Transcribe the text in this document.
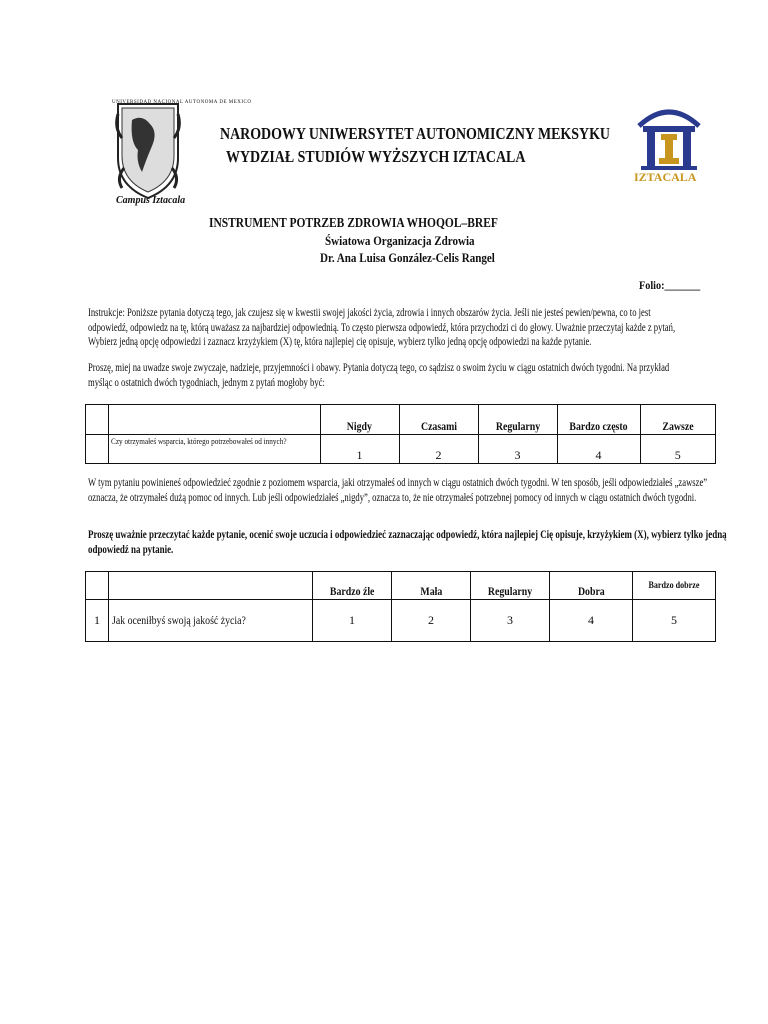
UNIVERSIDAD NACIONAL AUTONOMA DE MEXICO
Campus Iztacala
IZTACALA
NARODOWY UNIWERSYTET AUTONOMICZNY MEKSYKU
WYDZIAŁ STUDIÓW WYŻSZYCH IZTACALA
INSTRUMENT POTRZEB ZDROWIA WHOQOL–BREF
Światowa Organizacja Zdrowia
Dr. Ana Luisa González-Celis Rangel
Folio:_______
Instrukcje: Poniższe pytania dotyczą tego, jak czujesz się w kwestii swojej jakości życia, zdrowia i innych obszarów życia. Jeśli nie jesteś pewien/pewna, co to jest
odpowiedź, odpowiedz na tę, którą uważasz za najbardziej odpowiednią. To często pierwsza odpowiedź, która przychodzi ci do głowy. Uważnie przeczytaj każde z pytań,
Wybierz jedną opcję odpowiedzi i zaznacz krzyżykiem (X) tę, która najlepiej cię opisuje, wybierz tylko jedną opcję odpowiedzi na każde pytanie.
Proszę, miej na uwadze swoje zwyczaje, nadzieje, przyjemności i obawy. Pytania dotyczą tego, co sądzisz o swoim życiu w ciągu ostatnich dwóch tygodni. Na przykład
myśląc o ostatnich dwóch tygodniach, jednym z pytań mogłoby być:
		Nigdy	Czasami	Regularny	Bardzo często	Zawsze
	Czy otrzymałeś wsparcia, którego potrzebowałeś od innych?	1	2	3	4	5
W tym pytaniu powinieneś odpowiedzieć zgodnie z poziomem wsparcia, jaki otrzymałeś od innych w ciągu ostatnich dwóch tygodni. W ten sposób, jeśli odpowiedziałeś „zawsze”
oznacza, że otrzymałeś dużą pomoc od innych. Lub jeśli odpowiedziałeś „nigdy”, oznacza to, że nie otrzymałeś potrzebnej pomocy od innych w ciągu ostatnich dwóch tygodni.
Proszę uważnie przeczytać każde pytanie, ocenić swoje uczucia i odpowiedzieć zaznaczając odpowiedź, która najlepiej Cię opisuje, krzyżykiem (X), wybierz tylko jedną
odpowiedź na pytanie.
		Bardzo źle	Mała	Regularny	Dobra	Bardzo dobrze
1	Jak oceniłbyś swoją jakość życia?	1	2	3	4	5
